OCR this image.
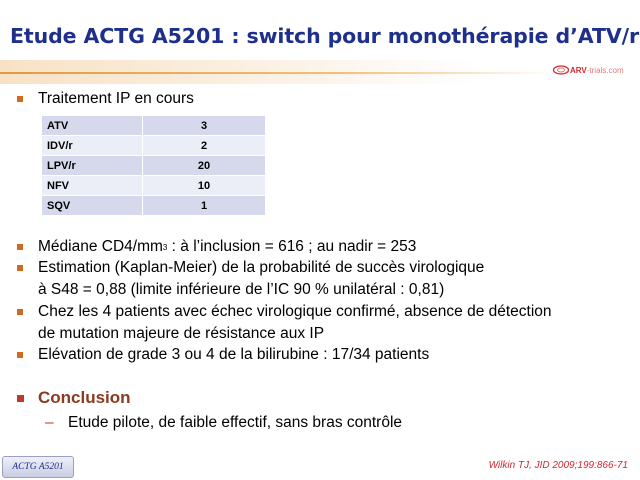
Etude ACTG A5201 : switch pour monothérapie d’ATV/r
ARV-trials.com
Traitement IP en cours
ATV	3
IDV/r	2
LPV/r	20
NFV	10
SQV	1
Médiane $CD4/mm^3$ : à l’inclusion = 616 ; au nadir = 253
Estimation (Kaplan-Meier) de la probabilité de succès virologique
à S48 = 0,88 (limite inférieure de l’IC 90 % unilatéral : 0,81)
Chez les 4 patients avec échec virologique confirmé, absence de détection
de mutation majeure de résistance aux IP
Elévation de grade 3 ou 4 de la bilirubine : 17/34 patients
Conclusion
– Etude pilote, de faible effectif, sans bras contrôle
ACTG A5201	Wilkin TJ, JID 2009;199:866-71
